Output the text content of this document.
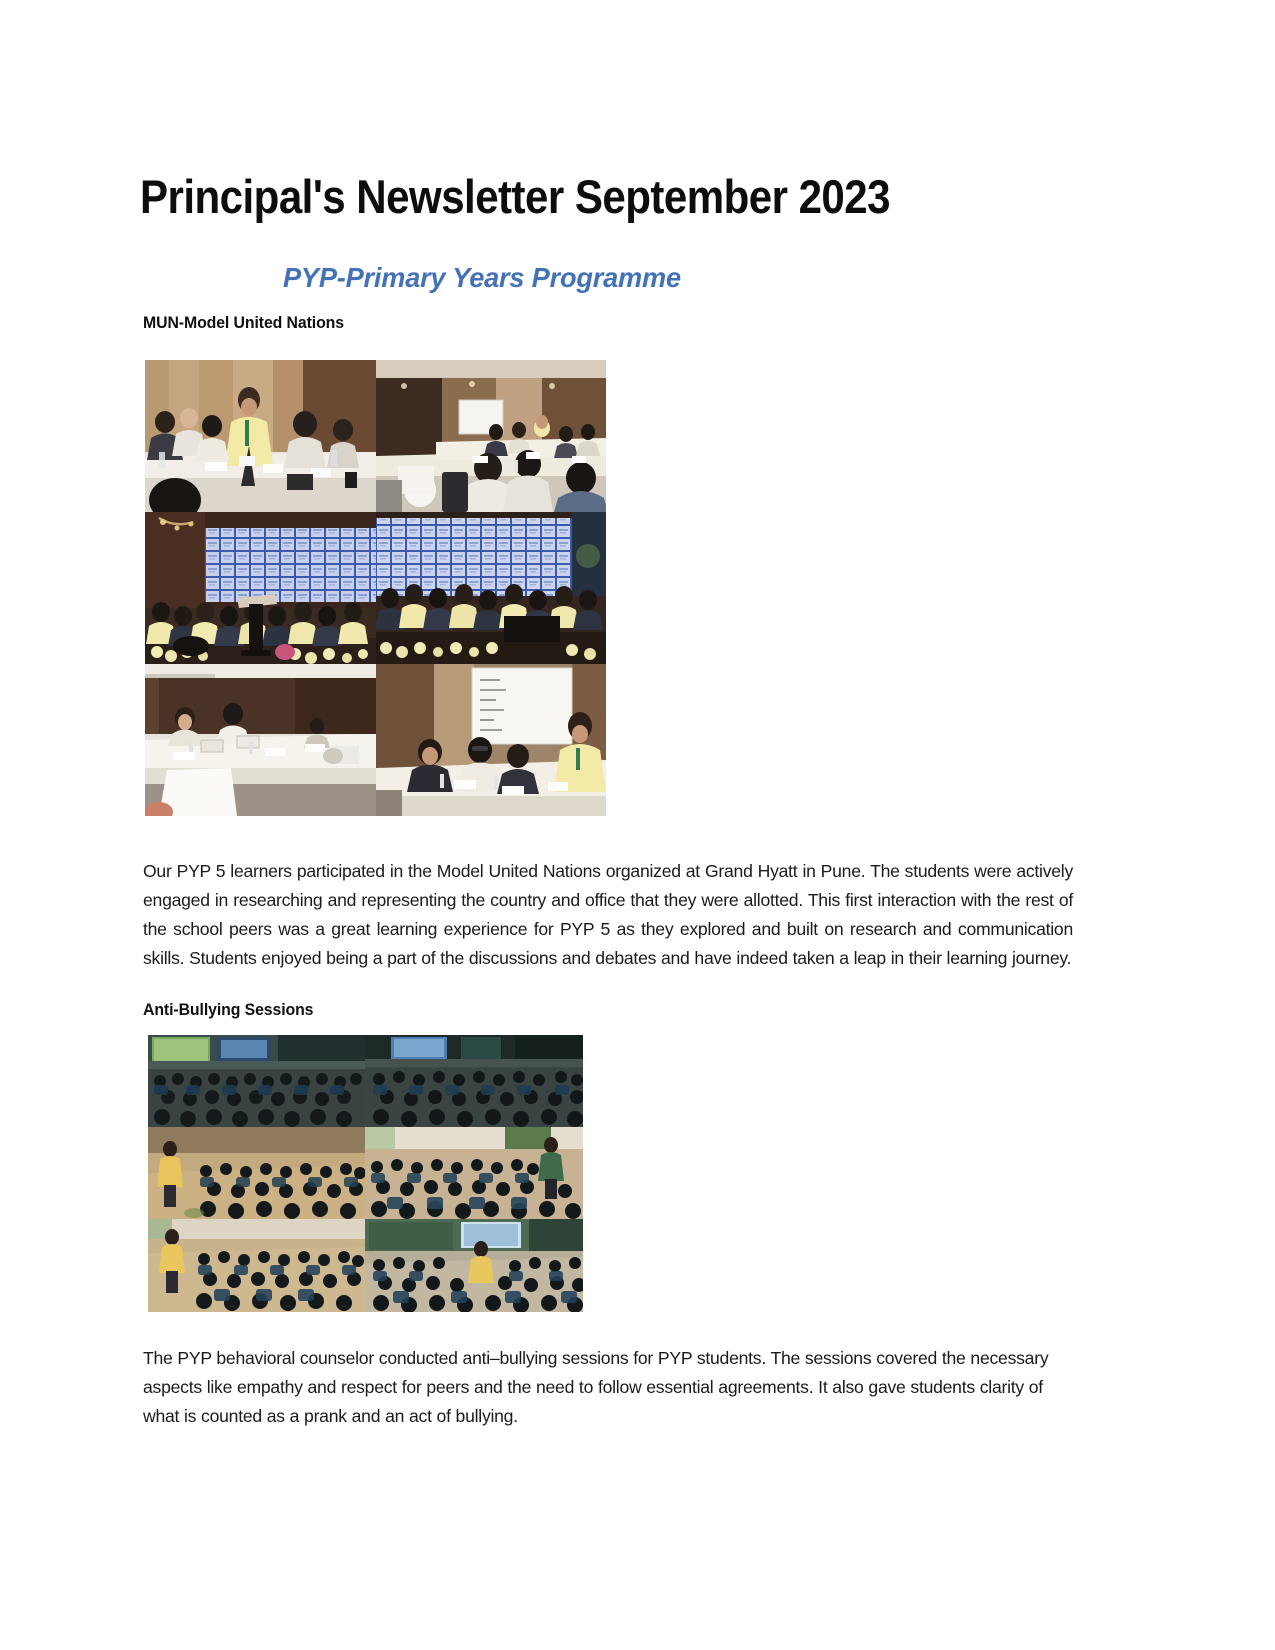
Principal's Newsletter September 2023
PYP-Primary Years Programme
MUN-Model United Nations

Our PYP 5 learners participated in the Model United Nations organized at Grand Hyatt in Pune. The students were actively engaged in researching and representing the country and office that they were allotted. This first interaction with the rest of the school peers was a great learning experience for PYP 5 as they explored and built on research and communication skills. Students enjoyed being a part of the discussions and debates and have indeed taken a leap in their learning journey.

Anti-Bullying Sessions

The PYP behavioral counselor conducted anti–bullying sessions for PYP students. The sessions covered the necessary aspects like empathy and respect for peers and the need to follow essential agreements. It also gave students clarity of what is counted as a prank and an act of bullying.
